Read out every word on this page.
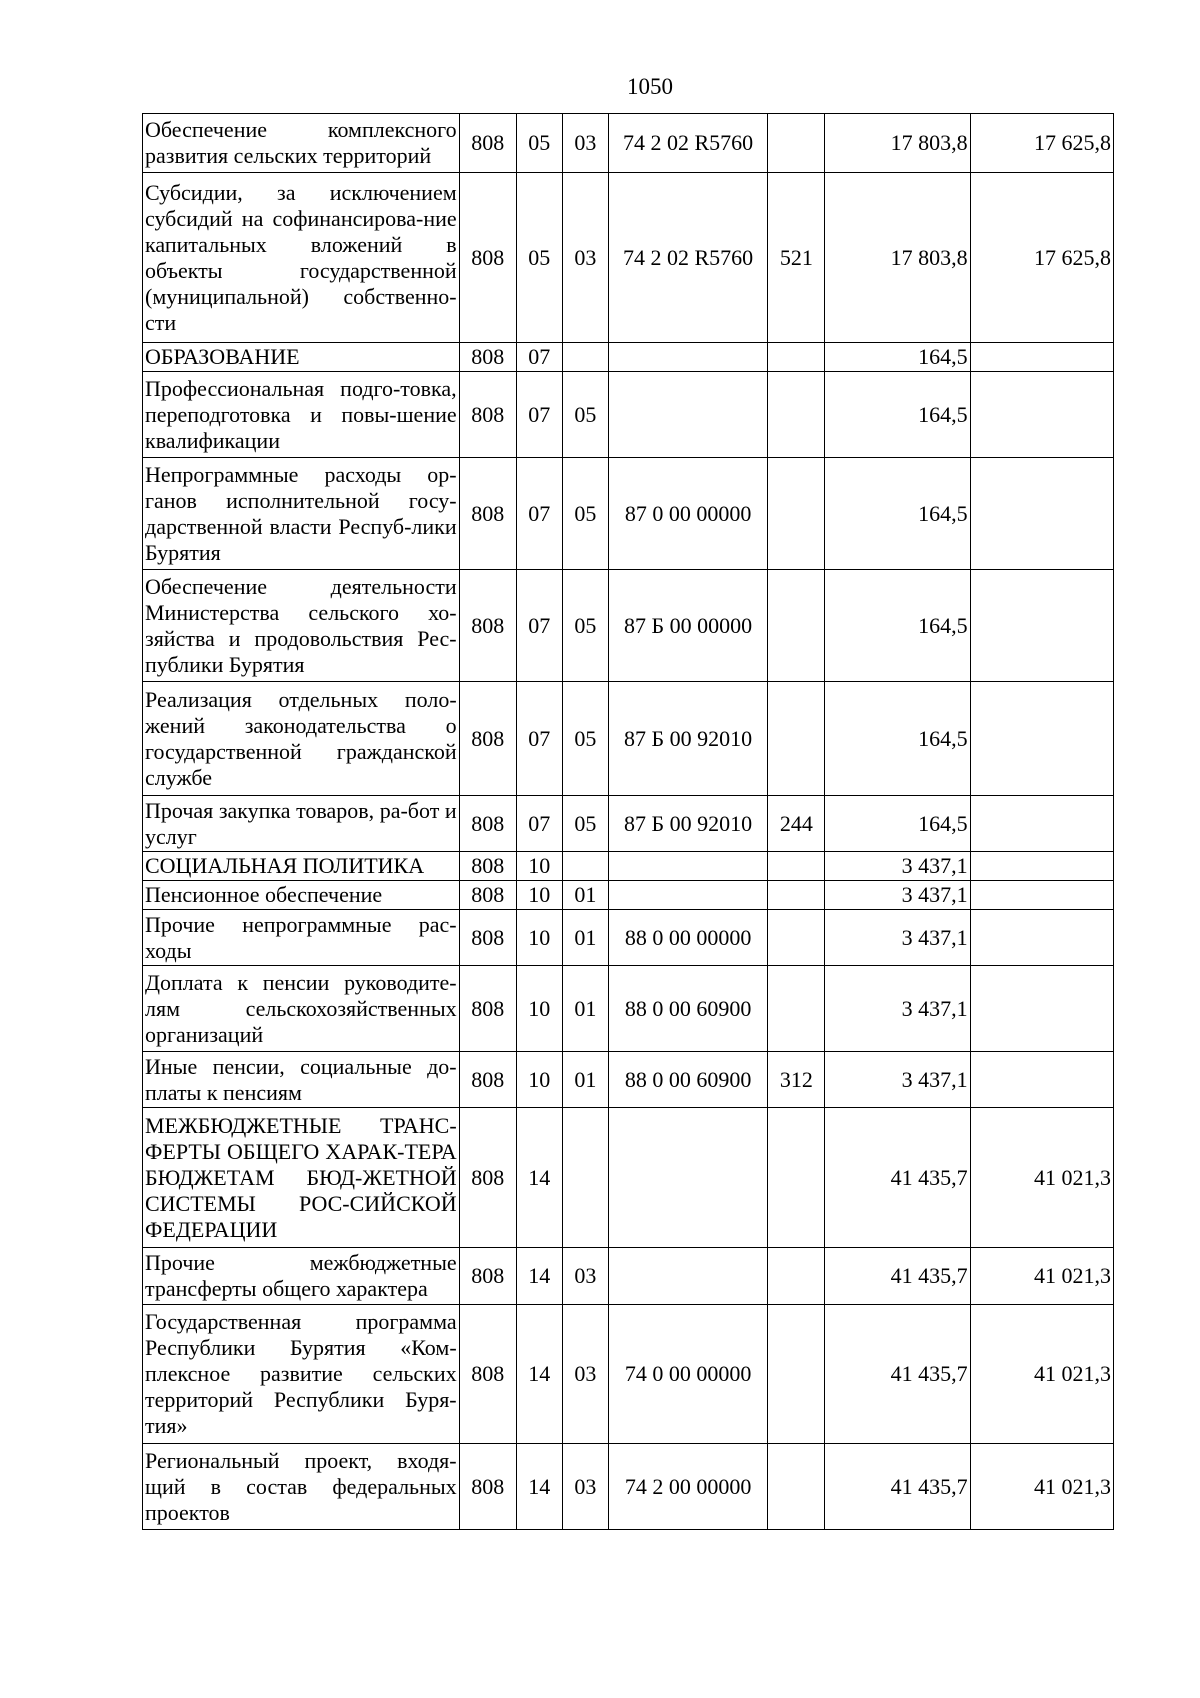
1050
Обеспечение комплексного развития сельских территорий	808	05	03	74 2 02 R5760		17 803,8	17 625,8
Субсидии, за исключением субсидий на софинансирова-ние капитальных вложений в объекты государственной (муниципальной) собственно-сти	808	05	03	74 2 02 R5760	521	17 803,8	17 625,8
ОБРАЗОВАНИЕ	808	07				164,5	
Профессиональная подго-товка, переподготовка и повы-шение квалификации	808	07	05			164,5	
Непрограммные расходы ор-ганов исполнительной госу-дарственной власти Респуб-лики Бурятия	808	07	05	87 0 00 00000		164,5	
Обеспечение деятельности Министерства сельского хо-зяйства и продовольствия Рес-публики Бурятия	808	07	05	87 Б 00 00000		164,5	
Реализация отдельных поло-жений законодательства о государственной гражданской службе	808	07	05	87 Б 00 92010		164,5	
Прочая закупка товаров, ра-бот и услуг	808	07	05	87 Б 00 92010	244	164,5	
СОЦИАЛЬНАЯ ПОЛИТИКА	808	10				3 437,1	
Пенсионное обеспечение	808	10	01			3 437,1	
Прочие непрограммные рас-ходы	808	10	01	88 0 00 00000		3 437,1	
Доплата к пенсии руководите-лям сельскохозяйственных организаций	808	10	01	88 0 00 60900		3 437,1	
Иные пенсии, социальные до-платы к пенсиям	808	10	01	88 0 00 60900	312	3 437,1	
МЕЖБЮДЖЕТНЫЕ ТРАНС-ФЕРТЫ ОБЩЕГО ХАРАК-ТЕРА БЮДЖЕТАМ БЮД-ЖЕТНОЙ СИСТЕМЫ РОС-СИЙСКОЙ ФЕДЕРАЦИИ	808	14				41 435,7	41 021,3
Прочие межбюджетные трансферты общего характера	808	14	03			41 435,7	41 021,3
Государственная программа Республики Бурятия «Ком-плексное развитие сельских территорий Республики Буря-тия»	808	14	03	74 0 00 00000		41 435,7	41 021,3
Региональный проект, входя-щий в состав федеральных проектов	808	14	03	74 2 00 00000		41 435,7	41 021,3
